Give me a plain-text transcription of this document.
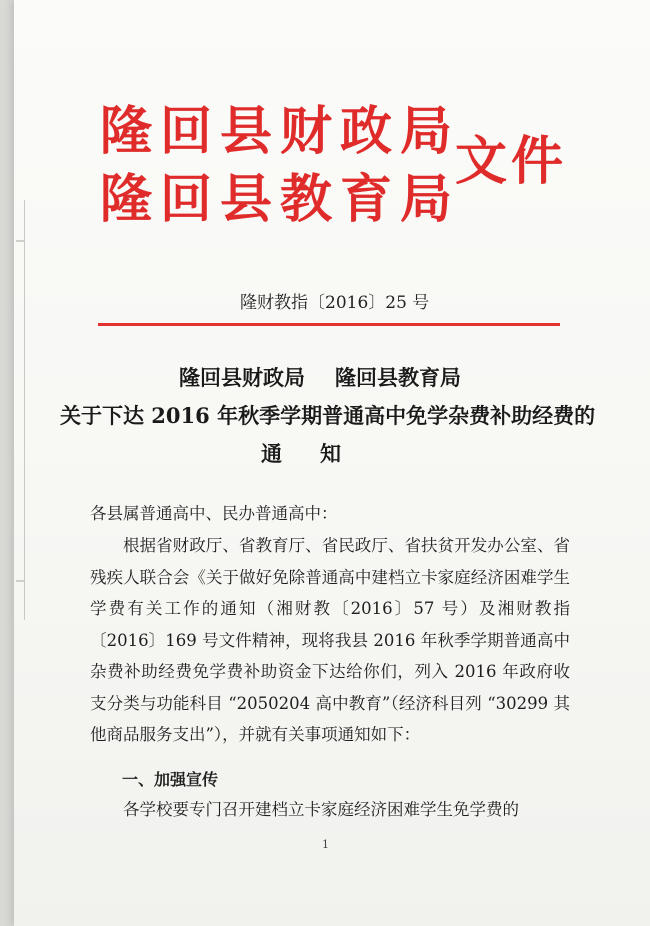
隆回县财政局
隆回县教育局
文件
隆财教指〔2016〕25 号
隆回县财政局 隆回县教育局
关于下达 2016 年秋季学期普通高中免学杂费补助经费的
通知
各县属普通高中、民办普通高中：
根据省财政厅、省教育厅、省民政厅、省扶贫开发办公室、省残疾人联合会《关于做好免除普通高中建档立卡家庭经济困难学生学费有关工作的通知（湘财教〔2016〕57 号）及湘财教指〔2016〕169 号文件精神，现将我县 2016 年秋季学期普通高中杂费补助经费免学费补助资金下达给你们，列入 2016 年政府收支分类与功能科目 “2050204 高中教育”（经济科目列 “30299 其他商品服务支出”），并就有关事项通知如下：
一、加强宣传
各学校要专门召开建档立卡家庭经济困难学生免学费的
1
